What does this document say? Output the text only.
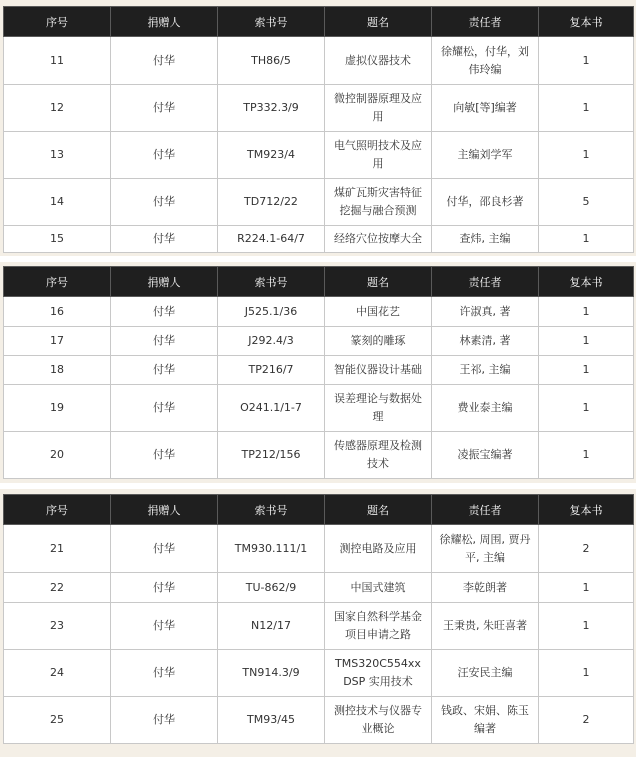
序号	捐赠人	索书号	题名	责任者	复本书
11	付华	TH86/5	虚拟仪器技术	徐耀松，付华，刘伟玲编	1
12	付华	TP332.3/9	微控制器原理及应用	向敏[等]编著	1
13	付华	TM923/4	电气照明技术及应用	主编刘学军	1
14	付华	TD712/22	煤矿瓦斯灾害特征挖掘与融合预测	付华，邵良杉著	5
15	付华	R224.1-64/7	经络穴位按摩大全	查炜, 主编	1
序号	捐赠人	索书号	题名	责任者	复本书
16	付华	J525.1/36	中国花艺	许淑真, 著	1
17	付华	J292.4/3	篆刻的雕琢	林素清, 著	1
18	付华	TP216/7	智能仪器设计基础	王祁, 主编	1
19	付华	O241.1/1-7	误差理论与数据处理	费业泰主编	1
20	付华	TP212/156	传感器原理及检测技术	凌振宝编著	1
序号	捐赠人	索书号	题名	责任者	复本书
21	付华	TM930.111/1	测控电路及应用	徐耀松, 周围, 贾丹平, 主编	2
22	付华	TU-862/9	中国式建筑	李乾朗著	1
23	付华	N12/17	国家自然科学基金项目申请之路	王秉贵, 朱旺喜著	1
24	付华	TN914.3/9	TMS320C554xx DSP 实用技术	汪安民主编	1
25	付华	TM93/45	测控技术与仪器专业概论	钱政、宋娟、陈玉编著	2
